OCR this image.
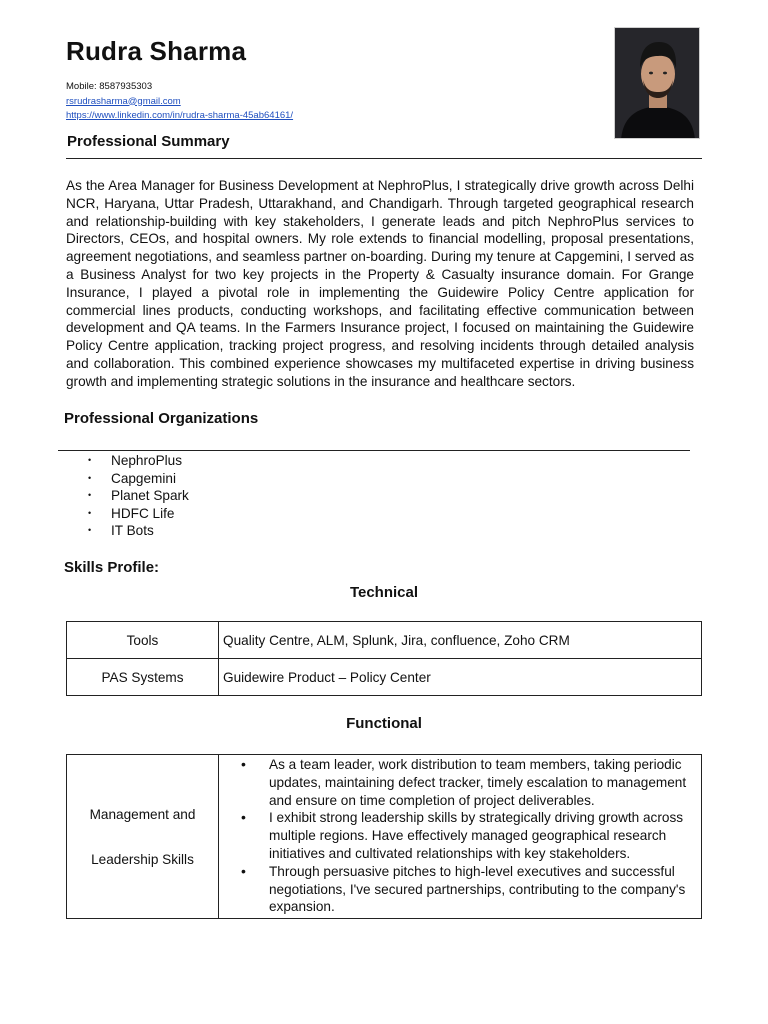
Rudra Sharma
Mobile: 8587935303
rsrudrasharma@gmail.com
https://www.linkedin.com/in/rudra-sharma-45ab64161/
Professional Summary

As the Area Manager for Business Development at NephroPlus, I strategically drive growth across Delhi NCR, Haryana, Uttar Pradesh, Uttarakhand, and Chandigarh. Through targeted geographical research and relationship-building with key stakeholders, I generate leads and pitch NephroPlus services to Directors, CEOs, and hospital owners. My role extends to financial modelling, proposal presentations, agreement negotiations, and seamless partner on-boarding. During my tenure at Capgemini, I served as a Business Analyst for two key projects in the Property & Casualty insurance domain. For Grange Insurance, I played a pivotal role in implementing the Guidewire Policy Centre application for commercial lines products, conducting workshops, and facilitating effective communication between development and QA teams. In the Farmers Insurance project, I focused on maintaining the Guidewire Policy Centre application, tracking project progress, and resolving incidents through detailed analysis and collaboration. This combined experience showcases my multifaceted expertise in driving business growth and implementing strategic solutions in the insurance and healthcare sectors.

Professional Organizations
• NephroPlus
• Capgemini
• Planet Spark
• HDFC Life
• IT Bots
Skills Profile:
Technical
Tools	Quality Centre, ALM, Splunk, Jira, confluence, Zoho CRM
PAS Systems	Guidewire Product – Policy Center
Functional
Management and
Leadership Skills

• As a team leader, work distribution to team members, taking periodic updates, maintaining defect tracker, timely escalation to management and ensure on time completion of project deliverables.
• I exhibit strong leadership skills by strategically driving growth across multiple regions. Have effectively managed geographical research initiatives and cultivated relationships with key stakeholders.
• Through persuasive pitches to high-level executives and successful negotiations, I've secured partnerships, contributing to the company's expansion.
